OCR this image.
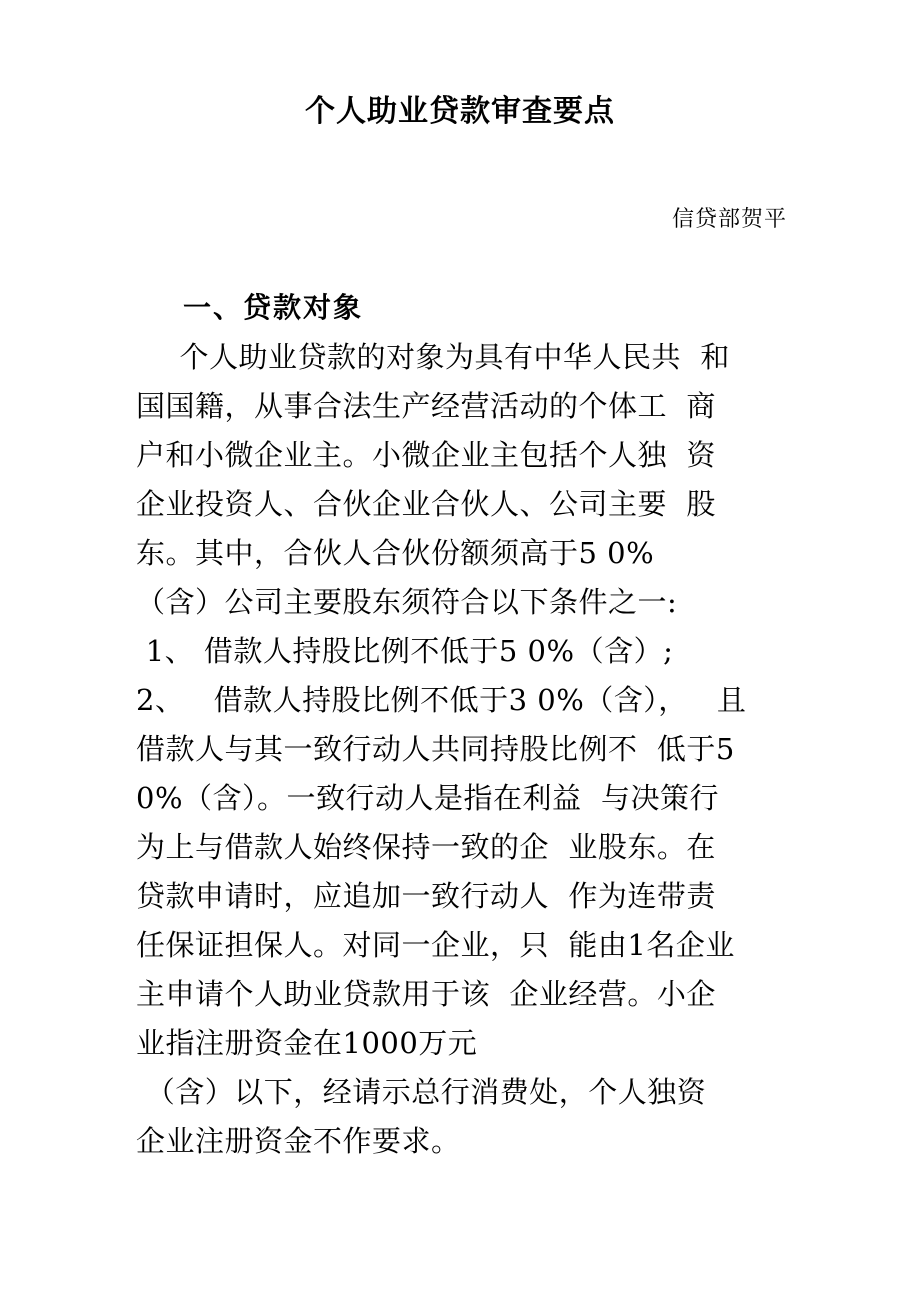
个人助业贷款审查要点
信贷部贺平
一、贷款对象
　个人助业贷款的对象为具有中华人民共  和
国国籍，从事合法生产经营活动的个体工  商
户和小微企业主。小微企业主包括个人独  资
企业投资人、合伙企业合伙人、公司主要  股
东。其中，合伙人合伙份额须高于5 0%
（含）公司主要股东须符合以下条件之一:
1、 借款人持股比例不低于5 0%（含）;
2、   借款人持股比例不低于3 0%（含），   且
借款人与其一致行动人共同持股比例不  低于5
0%（含）。一致行动人是指在利益  与决策行
为上与借款人始终保持一致的企  业股东。在
贷款申请时，应追加一致行动人  作为连带责
任保证担保人。对同一企业，只  能由1名企业
主申请个人助业贷款用于该  企业经营。小企
业指注册资金在1000万元
（含）以下，经请示总行消费处，个人独资
企业注册资金不作要求。
